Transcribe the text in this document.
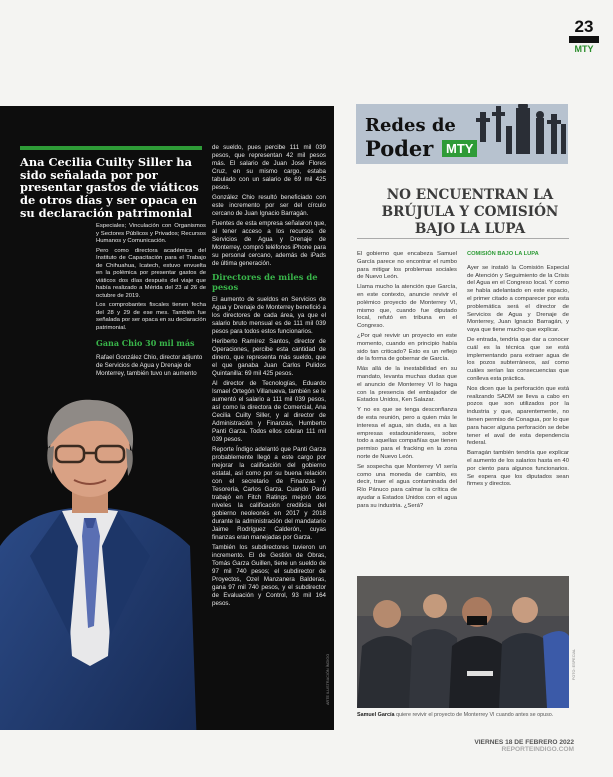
23
MTY
Ana Cecilia Cuilty Siller ha sido señalada por por presentar gastos de viáticos de otros días y ser opaca en su declaración patrimonial

Especiales; Vinculación con Organismos y Sectores Públicos y Privados; Recursos Humanos y Comunicación.

Pero como directora académica del Instituto de Capacitación para el Trabajo de Chihuahua, Icatech, estuvo envuelta en la polémica por presentar gastos de viáticos dos días después del viaje que había realizado a Mérida del 23 al 26 de octubre de 2019.

Los comprobantes fiscales tienen fecha del 28 y 29 de ese mes. También fue señalada por ser opaca en su declaración patrimonial.

Gana Chio 30 mil más
Rafael González Chio, director adjunto de Servicios de Agua y Drenaje de Monterrey, también tuvo un aumento

de sueldo, pues percibe 111 mil 039 pesos, que representan 42 mil pesos más. El salario de Juan José Flores Cruz, en su mismo cargo, estaba tabulado con un salario de 69 mil 425 pesos.

González Chio resultó beneficiado con este incremento por ser del círculo cercano de Juan Ignacio Barragán.

Fuentes de esta empresa señalaron que, al tener acceso a los recursos de Servicios de Agua y Drenaje de Monterrey, compró teléfonos iPhone para su personal cercano, además de iPads de última generación.

Directores de miles de pesos

El aumento de sueldos en Servicios de Agua y Drenaje de Monterrey benefició a los directores de cada área, ya que el salario bruto mensual es de 111 mil 039 pesos para todos estos funcionarios.

Heriberto Ramírez Santos, director de Operaciones, percibe esta cantidad de dinero, que representa más sueldo, que el que ganaba Juan Carlos Pulidos Quintanilla: 69 mil 425 pesos.

Al director de Tecnologías, Eduardo Ismael Ortegón Villanueva, también se le aumentó el salario a 111 mil 039 pesos, así como la directora de Comercial, Ana Cecilia Cuilty Siller, y al director de Administración y Finanzas, Humberto Panti Garza. Todos ellos cobran 111 mil 039 pesos.

Reporte Índigo adelantó que Panti Garza probablemente llegó a este cargo por mejorar la calificación del gobierno estatal, así como por su buena relación con el secretario de Finanzas y Tesorería, Carlos Garza. Cuando Panti trabajó en Fitch Ratings mejoró dos niveles la calificación crediticia del gobierno neoleonés en 2017 y 2018 durante la administración del mandatario Jaime Rodríguez Calderón, cuyas finanzas eran manejadas por Garza.

También los subdirectores tuvieron un incremento. El de Gestión de Obras, Tomás Garza Guillen, tiene un sueldo de 97 mil 740 pesos; el subdirector de Proyectos, Ozel Manzanera Balderas, gana 97 mil 740 pesos, y el subdirector de Evaluación y Control, 93 mil 164 pesos.

ARTE ILUSTRACIÓN ÍNDIGO
Redes de
Poder MTY
NO ENCUENTRAN LA BRÚJULA Y COMISIÓN BAJO LA LUPA

El gobierno que encabeza Samuel García parece no encontrar el rumbo para mitigar los problemas sociales de Nuevo León.

Llama mucho la atención que García, en este contexto, anuncie revivir el polémico proyecto de Monterrey VI, mismo que, cuando fue diputado local, refutó en tribuna en el Congreso.

¿Por qué revivir un proyecto en este momento, cuando en principio había sido tan criticado? Esto es un reflejo de la forma de gobernar de García.

Más allá de la inestabilidad en su mandato, levanta muchas dudas que el anuncio de Monterrey VI lo haga con la presencia del embajador de Estados Unidos, Ken Salazar.

Y no es que se tenga desconfianza de esta reunión, pero a quien más le interesa el agua, sin duda, es a las empresas estadounidenses, sobre todo a aquellas compañías que tienen permiso para el fracking en la zona norte de Nuevo León.

Se sospecha que Monterrey VI sería como una moneda de cambio, es decir, traer el agua contaminada del Río Pánuco para calmar la crítica de ayudar a Estados Unidos con el agua para su industria. ¿Será?

COMISIÓN BAJO LA LUPA

Ayer se instaló la Comisión Especial de Atención y Seguimiento de la Crisis del Agua en el Congreso local. Y como se había adelantado en este espacio, el primer citado a comparecer por esta problemática será el director de Servicios de Agua y Drenaje de Monterrey, Juan Ignacio Barragán, y vaya que tiene mucho que explicar.

De entrada, tendría que dar a conocer cuál es la técnica que se está implementando para extraer agua de los pozos subterráneos, así como cuáles serían las consecuencias que conlleva esta práctica.

Nos dicen que la perforación que está realizando SADM se lleva a cabo en pozos que son utilizados por la industria y que, aparentemente, no tienen permiso de Conagua, por lo que para hacer alguna perforación se debe tener el aval de esta dependencia federal.

Barragán también tendría que explicar el aumento de los salarios hasta en 40 por ciento para algunos funcionarios. Se espera que los diputados sean firmes y directos.

FOTO: ESPECIAL
Samuel García quiere revivir el proyecto de Monterrey VI cuando antes se opuso.
VIERNES 18 DE FEBRERO 2022 REPORTEINDIGO.COM
